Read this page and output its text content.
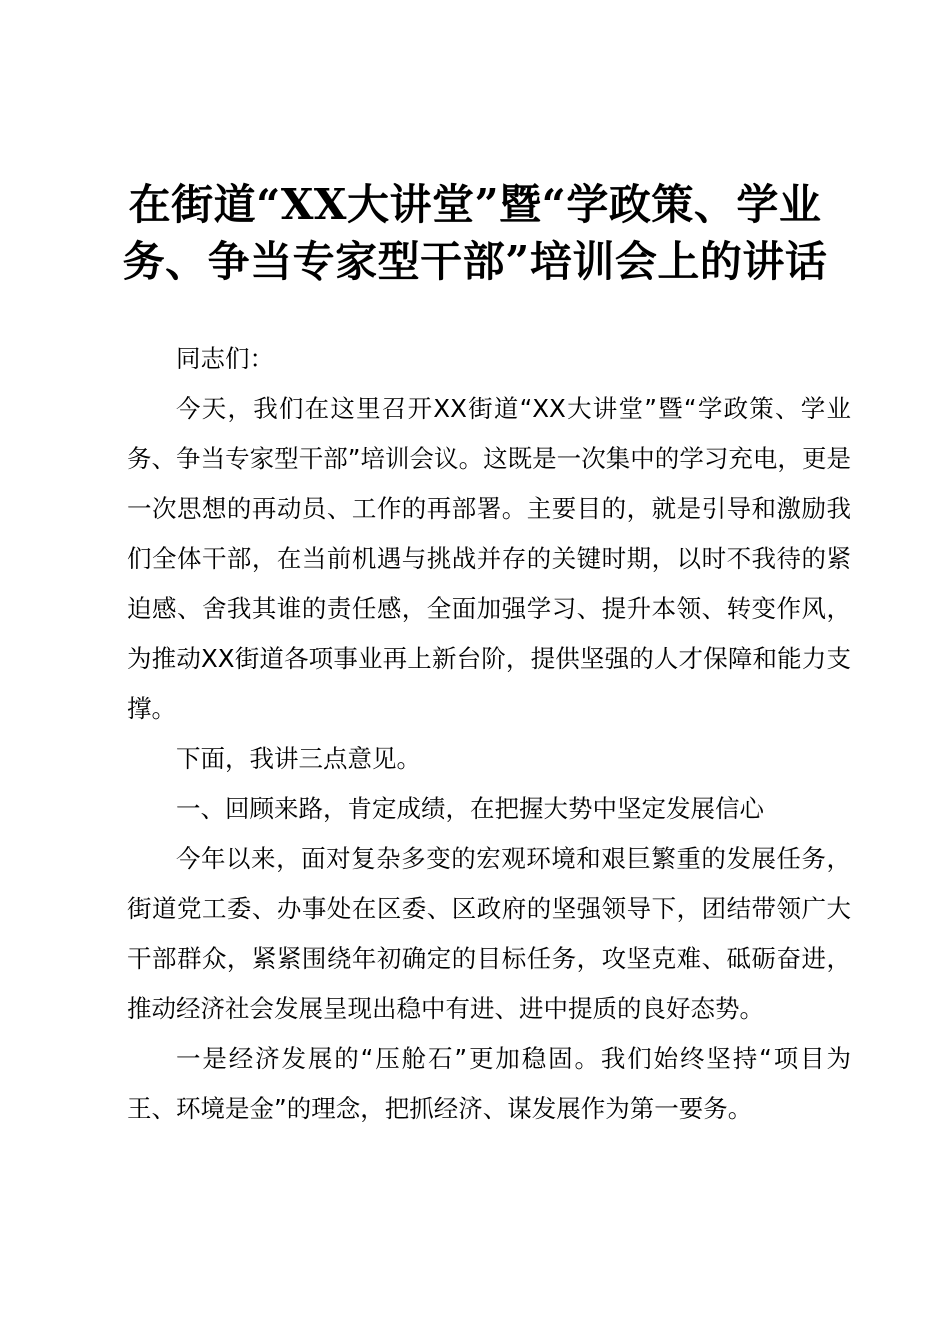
在街道“XX大讲堂”暨“学政策、学业务、争当专家型干部”培训会上的讲话

同志们：

今天，我们在这里召开XX街道“XX大讲堂”暨“学政策、学业务、争当专家型干部”培训会议。这既是一次集中的学习充电，更是一次思想的再动员、工作的再部署。主要目的，就是引导和激励我们全体干部，在当前机遇与挑战并存的关键时期，以时不我待的紧迫感、舍我其谁的责任感，全面加强学习、提升本领、转变作风，为推动XX街道各项事业再上新台阶，提供坚强的人才保障和能力支撑。

下面，我讲三点意见。

一、回顾来路，肯定成绩，在把握大势中坚定发展信心

今年以来，面对复杂多变的宏观环境和艰巨繁重的发展任务，街道党工委、办事处在区委、区政府的坚强领导下，团结带领广大干部群众，紧紧围绕年初确定的目标任务，攻坚克难、砥砺奋进，推动经济社会发展呈现出稳中有进、进中提质的良好态势。

一是经济发展的“压舱石”更加稳固。我们始终坚持“项目为王、环境是金”的理念，把抓经济、谋发展作为第一要务。
